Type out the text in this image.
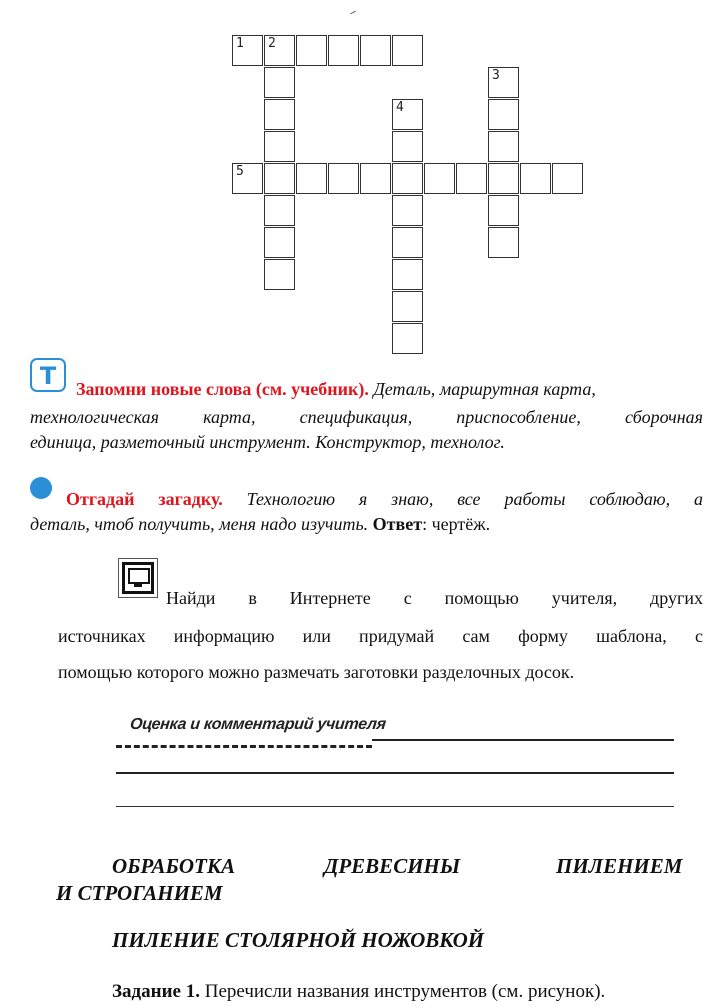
1 2
3
4
5
T	Запомни новые слова (см. учебник). Деталь, маршрутная карта,
технологическая карта, спецификация, приспособление, сборочная
единица, разметочный инструмент. Конструктор, технолог.
Отгадай загадку. Технологию я знаю, все работы соблюдаю, а
деталь, чтоб получить, меня надо изучить. Ответ: чертёж.
Найди в Интернете с помощью учителя, других
источниках информацию или придумай сам форму шаблона, с
помощью которого можно размечать заготовки разделочных досок.
Оценка и комментарий учителя
ОБРАБОТКА	ДРЕВЕСИНЫ	ПИЛЕНИЕМ
И СТРОГАНИЕМ
ПИЛЕНИЕ СТОЛЯРНОЙ НОЖОВКОЙ
Задание 1. Перечисли названия инструментов (см. рисунок).
